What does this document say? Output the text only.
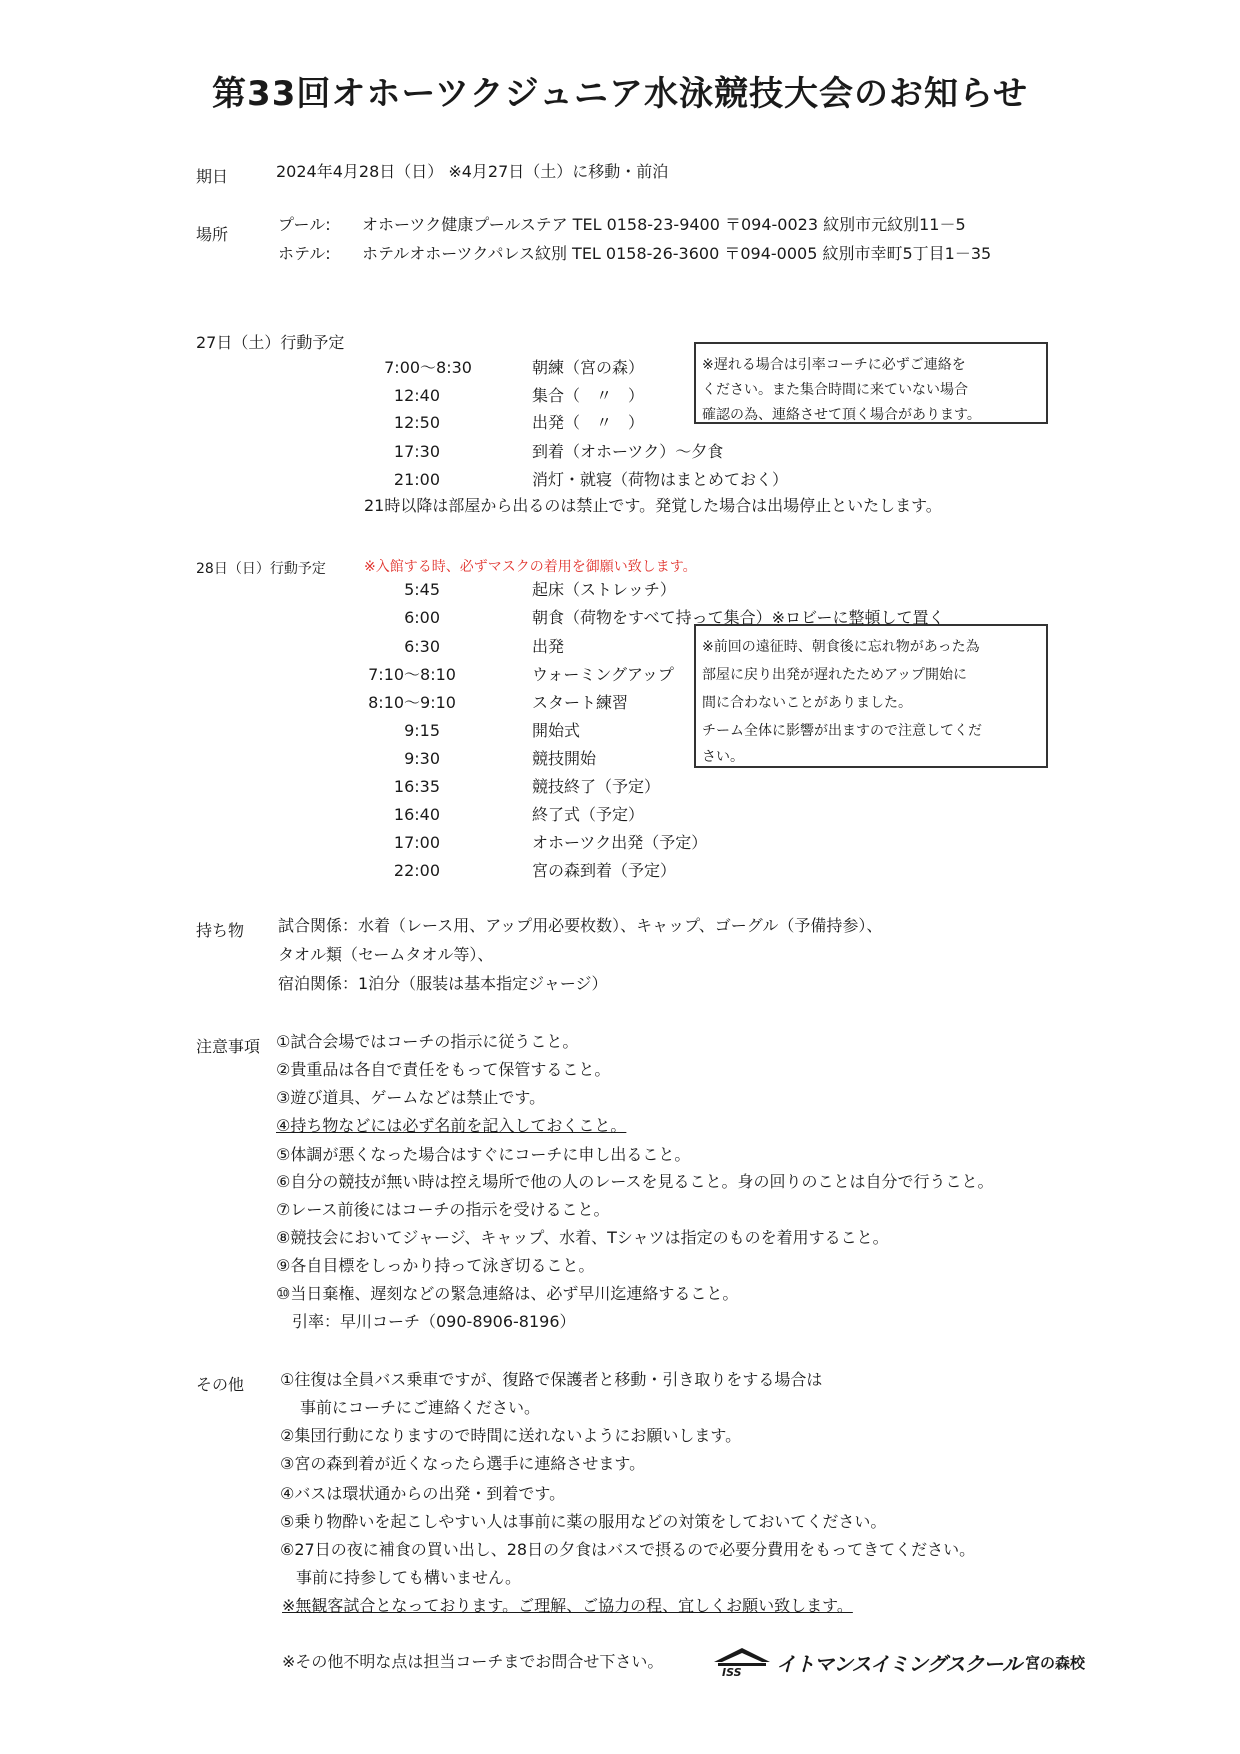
第33回オホーツクジュニア水泳競技大会のお知らせ
期日	2024年4月28日（日） ※4月27日（土）に移動・前泊
場所
プール: オホーツク健康プールステア TEL 0158-23-9400 〒094-0023 紋別市元紋別11－5
ホテル: ホテルオホーツクパレス紋別 TEL 0158-26-3600 〒094-0005 紋別市幸町5丁目1－35
27日（土）行動予定
7:00～8:30	朝練（宮の森）
12:40	集合（　〃　）
12:50	出発（　〃　）
17:30	到着（オホーツク）～夕食
21:00	消灯・就寝（荷物はまとめておく）
21時以降は部屋から出るのは禁止です。発覚した場合は出場停止といたします。
※遅れる場合は引率コーチに必ずご連絡を
ください。また集合時間に来ていない場合
確認の為、連絡させて頂く場合があります。
28日（日）行動予定	※入館する時、必ずマスクの着用を御願い致します。
5:45	起床（ストレッチ）
6:00	朝食（荷物をすべて持って集合）※ロビーに整頓して置く
6:30	出発
7:10～8:10	ウォーミングアップ
8:10～9:10	スタート練習
9:15	開始式
9:30	競技開始
16:35	競技終了（予定）
16:40	終了式（予定）
17:00	オホーツク出発（予定）
22:00	宮の森到着（予定）
※前回の遠征時、朝食後に忘れ物があった為
部屋に戻り出発が遅れたためアップ開始に
間に合わないことがありました。
チーム全体に影響が出ますので注意してくだ
さい。
持ち物 試合関係：水着（レース用、アップ用必要枚数）、キャップ、ゴーグル（予備持参）、
タオル類（セームタオル等）、
宿泊関係：1泊分（服装は基本指定ジャージ）
注意事項 ①試合会場ではコーチの指示に従うこと。
②貴重品は各自で責任をもって保管すること。
③遊び道具、ゲームなどは禁止です。
④持ち物などには必ず名前を記入しておくこと。
⑤体調が悪くなった場合はすぐにコーチに申し出ること。
⑥自分の競技が無い時は控え場所で他の人のレースを見ること。身の回りのことは自分で行うこと。
⑦レース前後にはコーチの指示を受けること。
⑧競技会においてジャージ、キャップ、水着、Tシャツは指定のものを着用すること。
⑨各自目標をしっかり持って泳ぎ切ること。
⑩当日棄権、遅刻などの緊急連絡は、必ず早川迄連絡すること。
引率：早川コーチ（090-8906-8196）
その他 ①往復は全員バス乗車ですが、復路で保護者と移動・引き取りをする場合は
事前にコーチにご連絡ください。
②集団行動になりますので時間に送れないようにお願いします。
③宮の森到着が近くなったら選手に連絡させます。
④バスは環状通からの出発・到着です。
⑤乗り物酔いを起こしやすい人は事前に薬の服用などの対策をしておいてください。
⑥27日の夜に補食の買い出し、28日の夕食はバスで摂るので必要分費用をもってきてください。
事前に持参しても構いません。
※無観客試合となっております。ご理解、ご協力の程、宜しくお願い致します。
※その他不明な点は担当コーチまでお問合せ下さい。
ISS イトマンスイミングスクール 宮の森校
